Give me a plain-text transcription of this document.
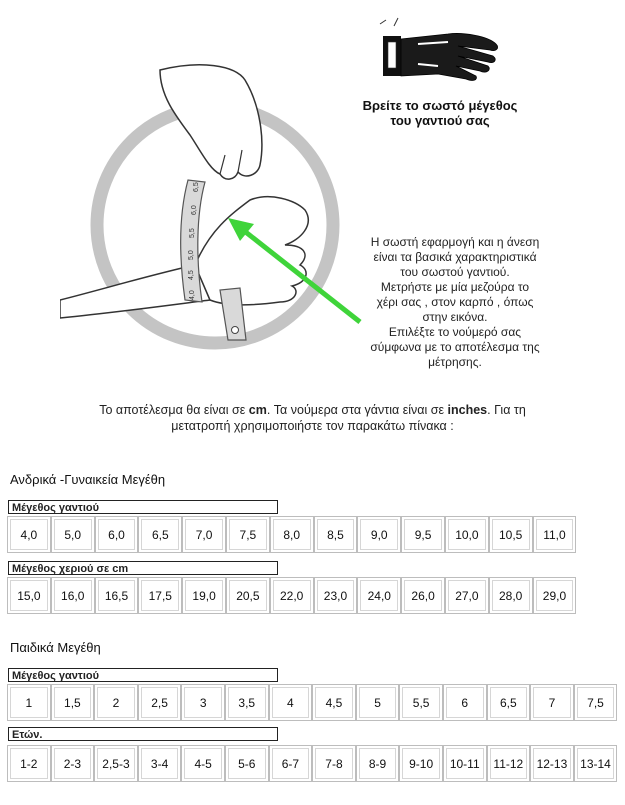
6,5
6,0
5,5
5,0
4,5
4,0
Βρείτε το σωστό μέγεθος
του γαντιού σας
Η σωστή εφαρμογή και η άνεση
είναι τα βασικά χαρακτηριστικά
του σωστού γαντιού.
Μετρήστε με μία μεζούρα το
χέρι σας , στον καρπό , όπως
στην εικόνα.
Επιλέξτε το νούμερό σας
σύμφωνα με το αποτέλεσμα της
μέτρησης.
Το αποτέλεσμα θα είναι σε cm. Τα νούμερα στα γάντια είναι σε inches. Για τη
μετατροπή χρησιμοποιήστε τον παρακάτω πίνακα :
Ανδρικά -Γυναικεία Μεγέθη
Μέγεθος γαντιού
4,0	5,0	6,0	6,5	7,0	7,5	8,0	8,5	9,0	9,5	10,0	10,5	11,0
Μέγεθος χεριού σε cm
15,0	16,0	16,5	17,5	19,0	20,5	22,0	23,0	24,0	26,0	27,0	28,0	29,0
Παιδικά Μεγέθη
Μέγεθος γαντιού
1	1,5	2	2,5	3	3,5	4	4,5	5	5,5	6	6,5	7	7,5
Ετών.
1-2	2-3	2,5-3	3-4	4-5	5-6	6-7	7-8	8-9	9-10	10-11	11-12	12-13	13-14
